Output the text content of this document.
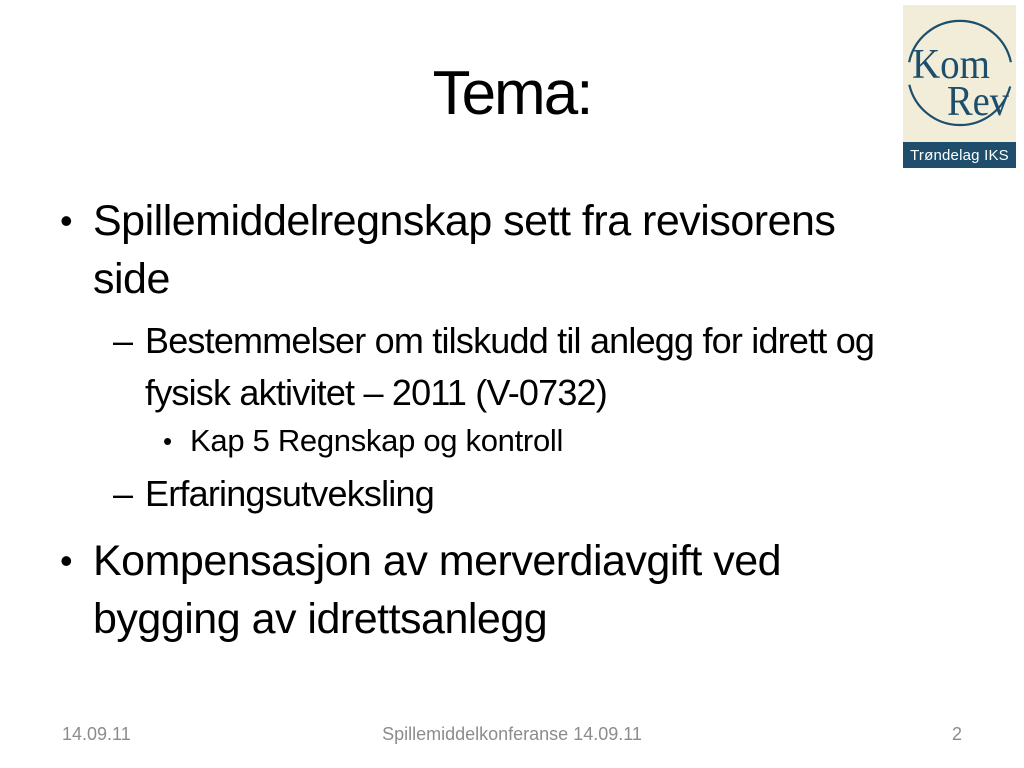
Tema:	Kom
Rev
Trøndelag IKS
• Spillemiddelregnskap sett fra revisorens
side
– Bestemmelser om tilskudd til anlegg for idrett og
fysisk aktivitet – 2011 (V-0732)
• Kap 5 Regnskap og kontroll
– Erfaringsutveksling
• Kompensasjon av merverdiavgift ved
bygging av idrettsanlegg
14.09.11	Spillemiddelkonferanse 14.09.11	2
